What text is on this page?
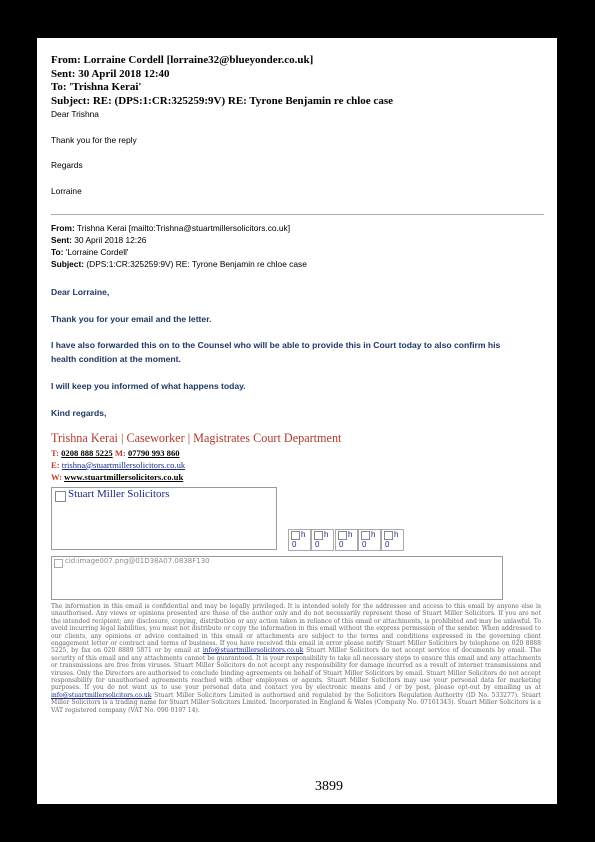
From: Lorraine Cordell [lorraine32@blueyonder.co.uk]
Sent: 30 April 2018 12:40
To: 'Trishna Kerai'
Subject: RE: (DPS:1:CR:325259:9V) RE: Tyrone Benjamin re chloe case
Dear Trishna
Thank you for the reply
Regards
Lorraine
From: Trishna Kerai [mailto:Trishna@stuartmillersolicitors.co.uk]
Sent: 30 April 2018 12:26
To: 'Lorraine Cordell'
Subject: (DPS:1:CR:325259:9V) RE: Tyrone Benjamin re chloe case
Dear Lorraine,
Thank you for your email and the letter.
I have also forwarded this on to the Counsel who will be able to provide this in Court today to also confirm his
health condition at the moment.
I will keep you informed of what happens today.
Kind regards,
Trishna Kerai | Caseworker | Magistrates Court Department
T: 0208 888 5225 M: 07790 993 860
E: trishna@stuartmillersolicitors.co.uk
W: www.stuartmillersolicitors.co.uk
Stuart Miller Solicitors
h
0
h
0
h
0
h
0
h
0
cid:image007.png@01D38A07.0838F130
The information in this email is confidential and may be legally privileged. It is intended solely for the addressee and access to this email by anyone else is unauthorised. Any views or opinions presented are those of the author only and do not necessarily represent those of Stuart Miller Solicitors. If you are not the intended recipient; any disclosure, copying, distribution or any action taken in reliance of this email or attachments, is prohibited and may be unlawful. To avoid incurring legal liabilities, you must not distribute or copy the information in this email without the express permission of the sender. When addressed to our clients, any opinions or advice contained in this email or attachments are subject to the terms and conditions expressed in the governing client engagement letter or contract and terms of business. If you have received this email in error please notify Stuart Miller Solicitors by telephone on 020 8888 5225, by fax on 020 8889 5871 or by email at info@stuartmillersolicitors.co.uk Stuart Miller Solicitors do not accept service of documents by email. The security of this email and any attachments cannot be guaranteed. It is your responsibility to take all necessary steps to ensure this email and any attachments or transmissions are free from viruses. Stuart Miller Solicitors do not accept any responsibility for damage incurred as a result of internet transmissions and viruses. Only the Directors are authorised to conclude binding agreements on behalf of Stuart Miller Solicitors by email. Stuart Miller Solicitors do not accept responsibility for unauthorised agreements reached with other employees or agents. Stuart Miller Solicitors may use your personal data for marketing purposes. If you do not want us to use your personal data and contact you by electronic means and / or by post, please opt-out by emailing us at info@stuartmillersolicitors.co.uk Stuart Miller Solicitors Limited is authorised and regulated by the Solicitors Regulation Authority (ID No. 533277). Stuart Miller Solicitors is a trading name for Stuart Miller Solicitors Limited. Incorporated in England & Wales (Company No. 07161343). Stuart Miller Solicitors is a VAT registered company (VAT No. 090 0197 14).
3899
